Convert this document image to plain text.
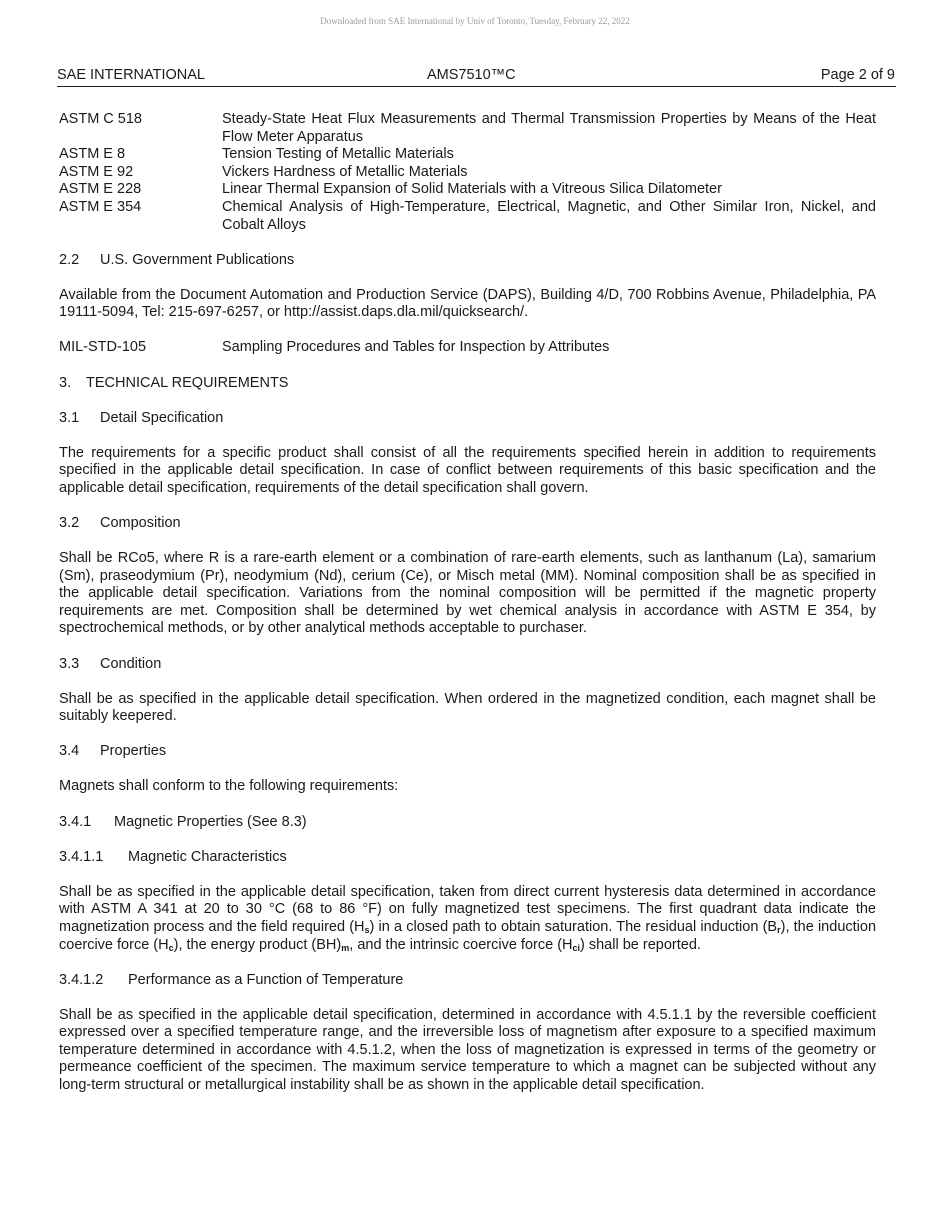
Downloaded from SAE International by Univ of Toronto, Tuesday, February 22, 2022
SAE INTERNATIONAL	AMS7510™C	Page 2 of 9
ASTM C 518	Steady-State Heat Flux Measurements and Thermal Transmission Properties by Means of the Heat Flow Meter Apparatus
ASTM E 8	Tension Testing of Metallic Materials
ASTM E 92	Vickers Hardness of Metallic Materials
ASTM E 228	Linear Thermal Expansion of Solid Materials with a Vitreous Silica Dilatometer
ASTM E 354	Chemical Analysis of High-Temperature, Electrical, Magnetic, and Other Similar Iron, Nickel, and Cobalt Alloys
2.2	U.S. Government Publications

Available from the Document Automation and Production Service (DAPS), Building 4/D, 700 Robbins Avenue, Philadelphia, PA 19111-5094, Tel: 215-697-6257, or http://assist.daps.dla.mil/quicksearch/.

MIL-STD-105	Sampling Procedures and Tables for Inspection by Attributes
3.	TECHNICAL REQUIREMENTS
3.1	Detail Specification

The requirements for a specific product shall consist of all the requirements specified herein in addition to requirements specified in the applicable detail specification. In case of conflict between requirements of this basic specification and the applicable detail specification, requirements of the detail specification shall govern.

3.2	Composition

Shall be RCo5, where R is a rare-earth element or a combination of rare-earth elements, such as lanthanum (La), samarium (Sm), praseodymium (Pr), neodymium (Nd), cerium (Ce), or Misch metal (MM). Nominal composition shall be as specified in the applicable detail specification. Variations from the nominal composition will be permitted if the magnetic property requirements are met. Composition shall be determined by wet chemical analysis in accordance with ASTM E 354, by spectrochemical methods, or by other analytical methods acceptable to purchaser.

3.3	Condition

Shall be as specified in the applicable detail specification. When ordered in the magnetized condition, each magnet shall be suitably keepered.

3.4	Properties

Magnets shall conform to the following requirements:

3.4.1	Magnetic Properties (See 8.3)
3.4.1.1	Magnetic Characteristics

Shall be as specified in the applicable detail specification, taken from direct current hysteresis data determined in accordance with ASTM A 341 at 20 to 30 °C (68 to 86 °F) on fully magnetized test specimens. The first quadrant data indicate the magnetization process and the field required $(H_s)$ in a closed path to obtain saturation. The residual induction $(B_r)$, the induction coercive force $(H_c)$, the energy product $(BH)_m$, and the intrinsic coercive force $(H_{ci})$ shall be reported.

3.4.1.2	Performance as a Function of Temperature

Shall be as specified in the applicable detail specification, determined in accordance with 4.5.1.1 by the reversible coefficient expressed over a specified temperature range, and the irreversible loss of magnetism after exposure to a specified maximum temperature determined in accordance with 4.5.1.2, when the loss of magnetization is expressed in terms of the geometry or permeance coefficient of the specimen. The maximum service temperature to which a magnet can be subjected without any long-term structural or metallurgical instability shall be as shown in the applicable detail specification.
